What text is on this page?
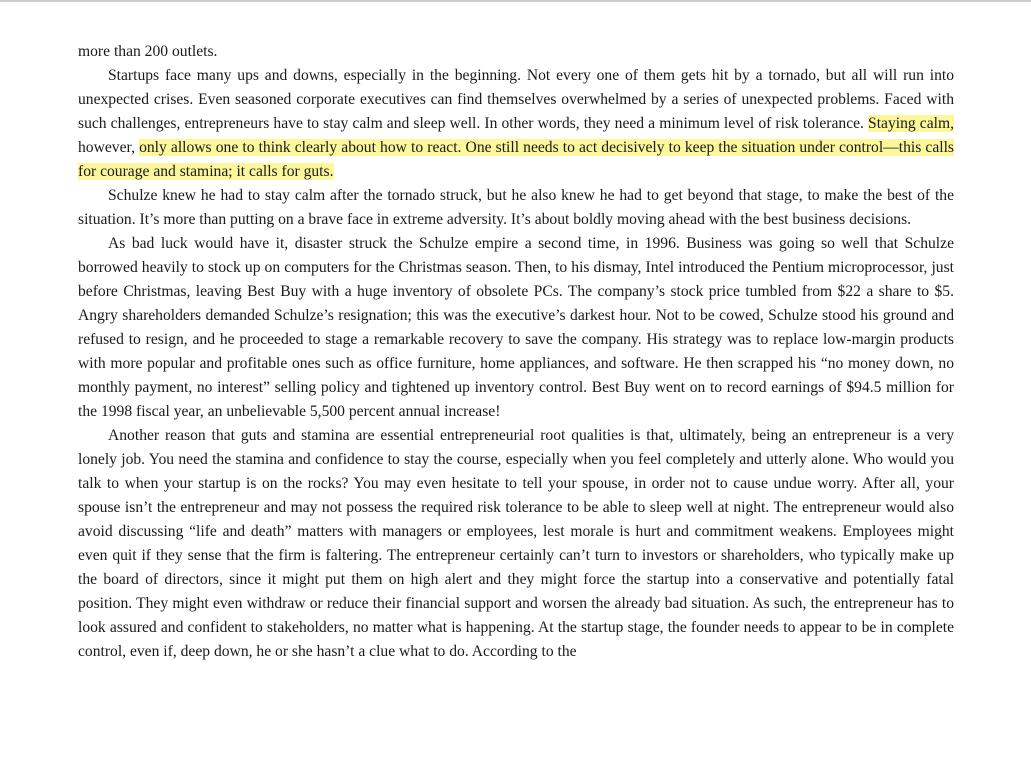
more than 200 outlets.

Startups face many ups and downs, especially in the beginning. Not every one of them gets hit by a tornado, but all will run into unexpected crises. Even seasoned corporate executives can find themselves overwhelmed by a series of unexpected problems. Faced with such challenges, entrepreneurs have to stay calm and sleep well. In other words, they need a minimum level of risk tolerance. Staying calm, however, only allows one to think clearly about how to react. One still needs to act decisively to keep the situation under control—this calls for courage and stamina; it calls for guts.

Schulze knew he had to stay calm after the tornado struck, but he also knew he had to get beyond that stage, to make the best of the situation. It’s more than putting on a brave face in extreme adversity. It’s about boldly moving ahead with the best business decisions.

As bad luck would have it, disaster struck the Schulze empire a second time, in 1996. Business was going so well that Schulze borrowed heavily to stock up on computers for the Christmas season. Then, to his dismay, Intel introduced the Pentium microprocessor, just before Christmas, leaving Best Buy with a huge inventory of obsolete PCs. The company’s stock price tumbled from $22 a share to $5. Angry shareholders demanded Schulze’s resignation; this was the executive’s darkest hour. Not to be cowed, Schulze stood his ground and refused to resign, and he proceeded to stage a remarkable recovery to save the company. His strategy was to replace low-margin products with more popular and profitable ones such as office furniture, home appliances, and software. He then scrapped his “no money down, no monthly payment, no interest” selling policy and tightened up inventory control. Best Buy went on to record earnings of $94.5 million for the 1998 fiscal year, an unbelievable 5,500 percent annual increase!

Another reason that guts and stamina are essential entrepreneurial root qualities is that, ultimately, being an entrepreneur is a very lonely job. You need the stamina and confidence to stay the course, especially when you feel completely and utterly alone. Who would you talk to when your startup is on the rocks? You may even hesitate to tell your spouse, in order not to cause undue worry. After all, your spouse isn’t the entrepreneur and may not possess the required risk tolerance to be able to sleep well at night. The entrepreneur would also avoid discussing “life and death” matters with managers or employees, lest morale is hurt and commitment weakens. Employees might even quit if they sense that the firm is faltering. The entrepreneur certainly can’t turn to investors or shareholders, who typically make up the board of directors, since it might put them on high alert and they might force the startup into a conservative and potentially fatal position. They might even withdraw or reduce their financial support and worsen the already bad situation. As such, the entrepreneur has to look assured and confident to stakeholders, no matter what is happening. At the startup stage, the founder needs to appear to be in complete control, even if, deep down, he or she hasn’t a clue what to do. According to the
